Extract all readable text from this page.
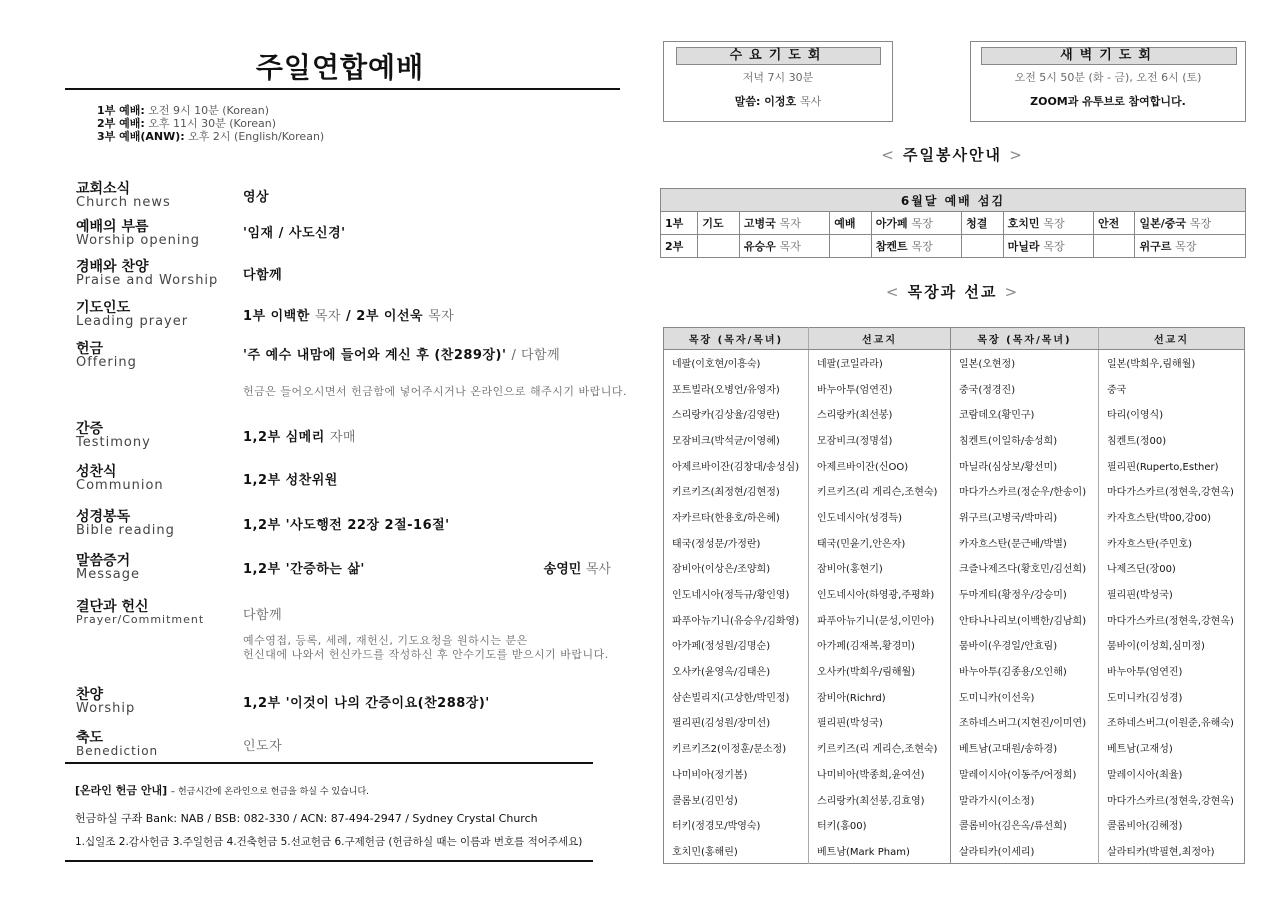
주일연합예배
1부 예배: 오전 9시 10분 (Korean)
2부 예배: 오후 11시 30분 (Korean)
3부 예배(ANW): 오후 2시 (English/Korean)
교회소식
Church news	영상
예배의 부름
Worship opening	'임재 / 사도신경'
경배와 찬양
Praise and Worship 다함께
기도인도
Leading prayer	1부 이백한 목자 / 2부 이선욱 목자
헌금
Offering	'주 예수 내맘에 들어와 계신 후 (찬289장)' / 다함께
헌금은 들어오시면서 헌금함에 넣어주시거나 온라인으로 해주시기 바랍니다.
간증
Testimony	1,2부 심메리 자매
성찬식
Communion	1,2부 성찬위원
성경봉독
Bible reading	1,2부 '사도행전 22장 2절-16절'
말씀증거
Message	1,2부 '간증하는 삶'	송영민 목사
결단과 헌신
Prayer/Commitment	다함께
예수영접, 등록, 세례, 재헌신, 기도요청을 원하시는 분은
헌신대에 나와서 헌신카드를 작성하신 후 안수기도를 받으시기 바랍니다.
찬양
Worship	1,2부 '이것이 나의 간증이요(찬288장)'
축도
Benediction	인도자
[온라인 헌금 안내] – 헌금시간에 온라인으로 헌금을 하실 수 있습니다.
헌금하실 구좌 Bank: NAB / BSB: 082-330 / ACN: 87-494-2947 / Sydney Crystal Church
1.십일조 2.감사헌금 3.주일헌금 4.건축헌금 5.선교헌금 6.구제헌금 (헌금하실 때는 이름과 번호를 적어주세요)
수요기도회
저녁 7시 30분
말씀: 이정호 목사
새벽기도회
오전 5시 50분 (화 - 금), 오전 6시 (토)
ZOOM과 유투브로 참여합니다.
< 주일봉사안내 >
6월달 예배 섬김								
1부	기도	고병국 목자	예배	아가페 목장	청결	호치민 목장	안전	일본/중국 목장
2부		유승우 목자		참켄트 목장		마닐라 목장		위구르 목장
< 목장과 선교 >
목장 (목자/목녀)	선교지	목장 (목자/목녀)	선교지
네팔(이호현/이흥숙)	네팔(코일라라)	일본(오현정)	일본(박희우,림해월)
포트빌라(오병언/유영자)	바누아투(엄연진)	중국(정경진)	중국
스리랑카(김상율/김영란)	스리랑카(최선봉)	코람데오(황민구)	타리(이영식)
모잠비크(박석균/이영혜)	모잠비크(정명섭)	침켄트(이일하/송성희)	침켄트(정00)
아제르바이잔(김창대/송성심)	아제르바이잔(신OO)	마닐라(심상보/황선미)	필리핀(Ruperto,Esther)
키르키즈(최정현/김현정)	키르키즈(리 게리슨,조현숙)	마다가스카르(정순우/한송이)	마다가스카르(정현욱,강현옥)
자카르타(한용호/하은혜)	인도네시아(성경득)	위구르(고병국/박마리)	카자흐스탄(박00,강00)
태국(정성문/가정란)	태국(민윤기,안은자)	카자흐스탄(문근배/박별)	카자흐스탄(주민호)
잠비아(이상은/조양희)	잠비아(홍현기)	크즐나제즈다(황호민/김선희)	나제즈딘(장00)
인도네시아(정득규/황인영)	인도네시아(하영광,주평화)	두마게티(황정우/강승미)	필리핀(박성국)
파푸아뉴기니(유승우/김화영)	파푸아뉴기니(문성,이민아)	안타나나리보(이백한/김남희)	마다가스카르(정현욱,강현옥)
아가페(정성원/김명순)	아가페(김재복,황경미)	뭄바이(우경일/안효림)	뭄바이(이성희,심미정)
오사카(윤영옥/김태은)	오사카(박희우/림해월)	바누아투(김종용/오인해)	바누아투(엄연진)
삼손빌리지(고상한/박민정)	잠비아(Richrd)	도미니카(이선욱)	도미니카(김성경)
필리핀(김성원/장미선)	필리핀(박성국)	조하네스버그(지현진/이미연)	조하네스버그(이원준,유해숙)
키르키즈2(이정훈/문소정)	키르키즈(리 게리슨,조현숙)	베트남(고대원/송하경)	베트남(고재성)
나미비아(정기봄)	나미비아(박종희,윤여선)	말레이시아(이동주/어정희)	말레이시아(최율)
콜롬보(김민성)	스리랑카(최선봉,김효영)	말라가시(이소정)	마다가스카르(정현욱,강현옥)
터키(정경모/박영숙)	터키(홍00)	콜롬비아(김은옥/류선희)	콜롬비아(김혜정)
호치민(홍해린)	베트남(Mark Pham)	살라티카(이세리)	살라티카(박필현,최정아)
